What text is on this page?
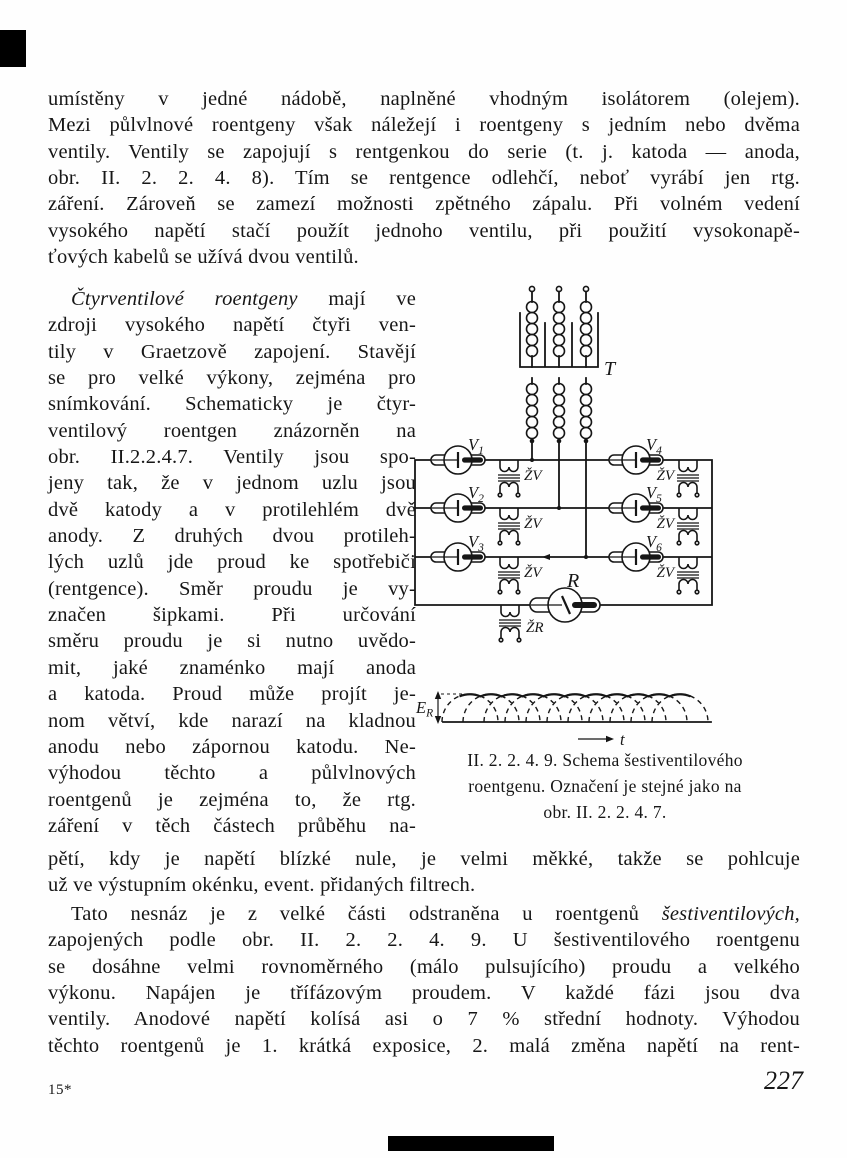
umístěny v jedné nádobě, naplněné vhodným isolátorem (olejem).
Mezi půlvlnové roentgeny však náležejí i roentgeny s jedním nebo dvěma
ventily. Ventily se zapojují s rentgenkou do serie (t. j. katoda — anoda,
obr. II. 2. 2. 4. 8). Tím se rentgence odlehčí, neboť vyrábí jen rtg.
záření. Zároveň se zamezí možnosti zpětného zápalu. Při volném vedení
vysokého napětí stačí použít jednoho ventilu, při použití vysokonapě-
ťových kabelů se užívá dvou ventilů.
Čtyrventilové roentgeny mají ve
zdroji vysokého napětí čtyři ven-
tily v Graetzově zapojení. Stavějí
se pro velké výkony, zejména pro
snímkování. Schematicky je čtyr-
ventilový roentgen znázorněn na
obr. II.2.2.4.7. Ventily jsou spo-
jeny tak, že v jednom uzlu jsou
dvě katody a v protilehlém dvě
anody. Z druhých dvou protileh-
lých uzlů jde proud ke spotřebiči
(rentgence). Směr proudu je vy-
značen šipkami. Při určování
směru proudu je si nutno uvědo-
mit, jaké znaménko mají anoda
a katoda. Proud může projít je-
nom větví, kde narazí na kladnou
anodu nebo zápornou katodu. Ne-
výhodou těchto a půlvlnových
roentgenů je zejména to, že rtg.
záření v těch částech průběhu na-
II. 2. 2. 4. 9. Schema šestiventilového
roentgenu. Označení je stejné jako na
obr. II. 2. 2. 4. 7.
pětí, kdy je napětí blízké nule, je velmi měkké, takže se pohlcuje
už ve výstupním okénku, event. přidaných filtrech.
Tato nesnáz je z velké části odstraněna u roentgenů šestiventilových,
zapojených podle obr. II. 2. 2. 4. 9. U šestiventilového roentgenu
se dosáhne velmi rovnoměrného (málo pulsujícího) proudu a velkého
výkonu. Napájen je třífázovým proudem. V každé fázi jsou dva
ventily. Anodové napětí kolísá asi o 7 % střední hodnoty. Výhodou
těchto roentgenů je 1. krátká exposice, 2. malá změna napětí na rent-
15*	227
T
R
$V_1$
$V_2$
$V_3$
$V_4$
$V_5$
$V_6$
ŽV
ŽV
ŽV
ŽV
ŽV
ŽV
ŽR
$E_R$
t
